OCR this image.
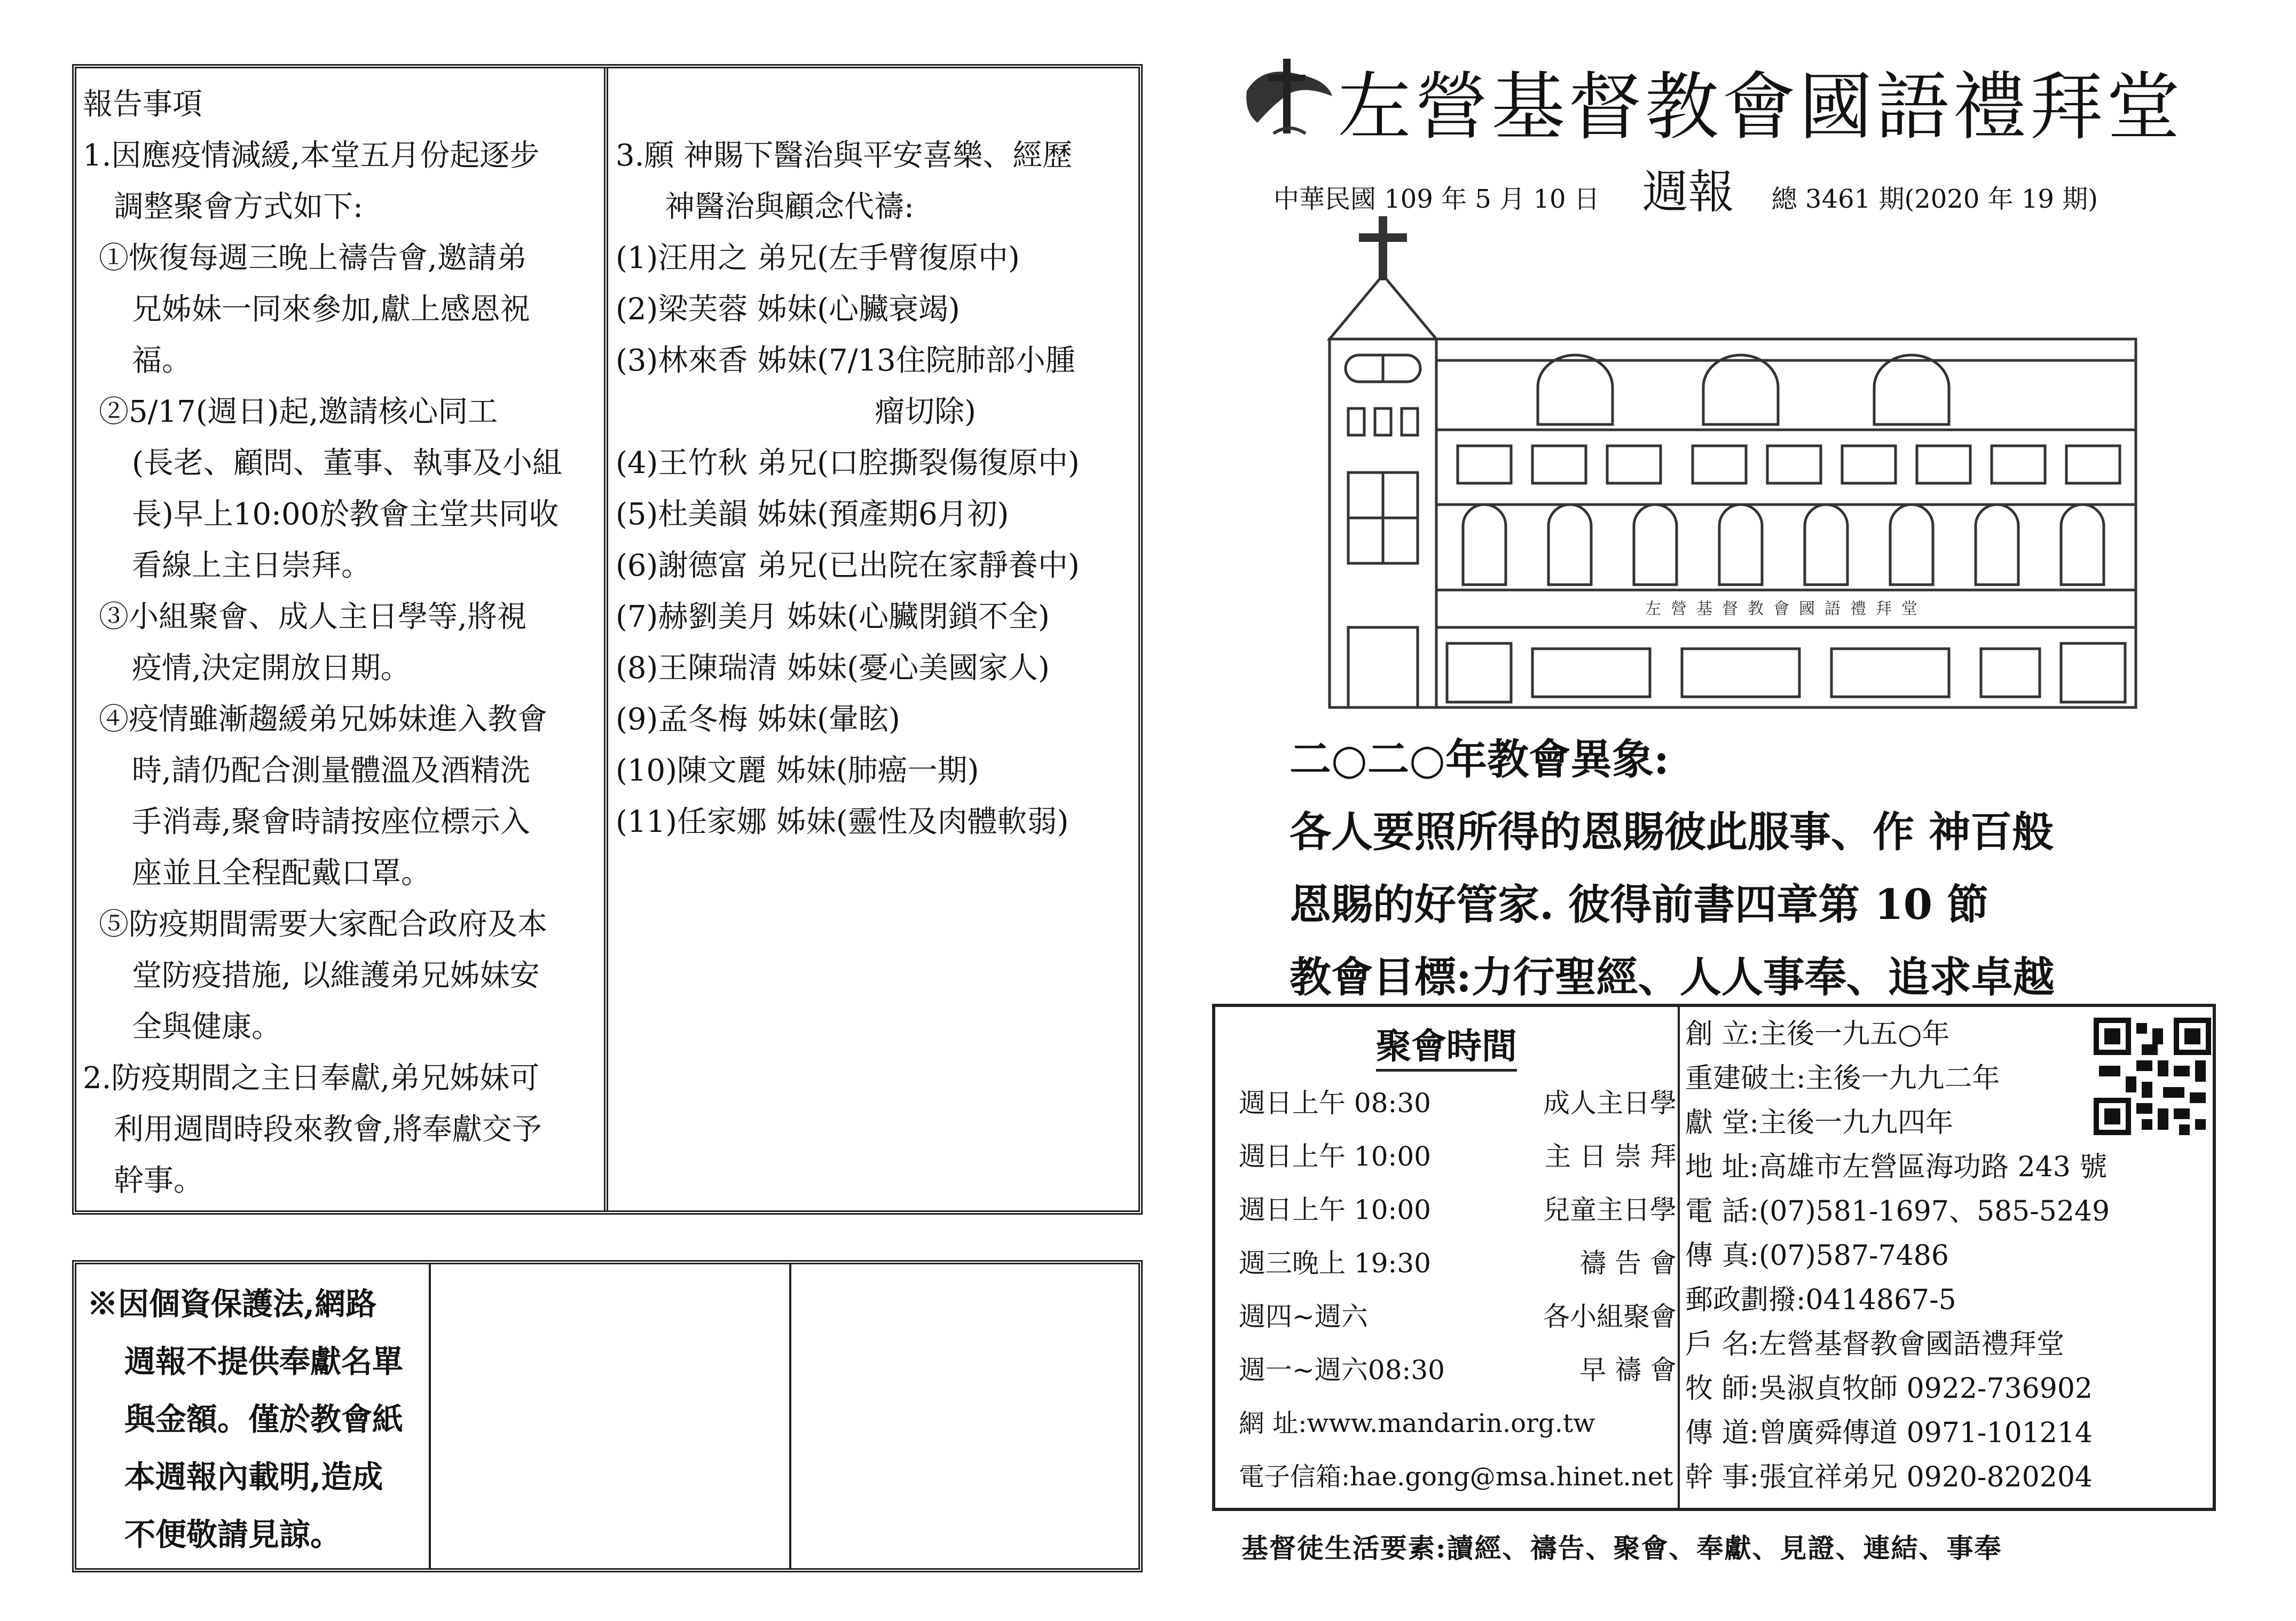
報告事項
1.因應疫情減緩,本堂五月份起逐步
調整聚會方式如下:
①恢復每週三晚上禱告會,邀請弟
兄姊妹一同來參加,獻上感恩祝
福。
②5/17(週日)起,邀請核心同工
(長老、顧問、董事、執事及小組
長)早上10:00於教會主堂共同收
看線上主日崇拜。
③小組聚會、成人主日學等,將視
疫情,決定開放日期。
④疫情雖漸趨緩弟兄姊妹進入教會
時,請仍配合測量體溫及酒精洗
手消毒,聚會時請按座位標示入
座並且全程配戴口罩。
⑤防疫期間需要大家配合政府及本
堂防疫措施, 以維護弟兄姊妹安
全與健康。
2.防疫期間之主日奉獻,弟兄姊妹可
利用週間時段來教會,將奉獻交予
幹事。
3.願 神賜下醫治與平安喜樂、經歷
神醫治與顧念代禱:
(1)汪用之 弟兄(左手臂復原中)
(2)梁芙蓉 姊妹(心臟衰竭)
(3)林來香 姊妹(7/13住院肺部小腫
瘤切除)
(4)王竹秋 弟兄(口腔撕裂傷復原中)
(5)杜美韻 姊妹(預產期6月初)
(6)謝德富 弟兄(已出院在家靜養中)
(7)赫劉美月 姊妹(心臟閉鎖不全)
(8)王陳瑞清 姊妹(憂心美國家人)
(9)孟冬梅 姊妹(暈眩)
(10)陳文麗 姊妹(肺癌一期)
(11)任家娜 姊妹(靈性及肉體軟弱)
※因個資保護法,網路
週報不提供奉獻名單
與金額。僅於教會紙
本週報內載明,造成
不便敬請見諒。
左營基督教會國語禮拜堂
中華民國 109 年 5 月 10 日 週報 總 3461 期(2020 年 19 期)
左營基督教會國語禮拜堂
二○二○年教會異象:
各人要照所得的恩賜彼此服事、作 神百般
恩賜的好管家. 彼得前書四章第 10 節
教會目標:力行聖經、人人事奉、追求卓越
聚會時間
週日上午 08:30	成人主日學
週日上午 10:00	主 日 崇 拜
週日上午 10:00	兒童主日學
週三晚上 19:30	禱 告 會
週四~週六	各小組聚會
週一~週六08:30	早 禱 會
網 址:www.mandarin.org.tw
電子信箱:hae.gong@msa.hinet.net
創 立:主後一九五○年
重建破土:主後一九九二年
獻 堂:主後一九九四年
地 址:高雄市左營區海功路 243 號
電 話:(07)581-1697、585-5249
傳 真:(07)587-7486
郵政劃撥:0414867-5
戶 名:左營基督教會國語禮拜堂
牧 師:吳淑貞牧師 0922-736902
傳 道:曾廣舜傳道 0971-101214
幹 事:張宜祥弟兄 0920-820204
基督徒生活要素:讀經、禱告、聚會、奉獻、見證、連結、事奉
